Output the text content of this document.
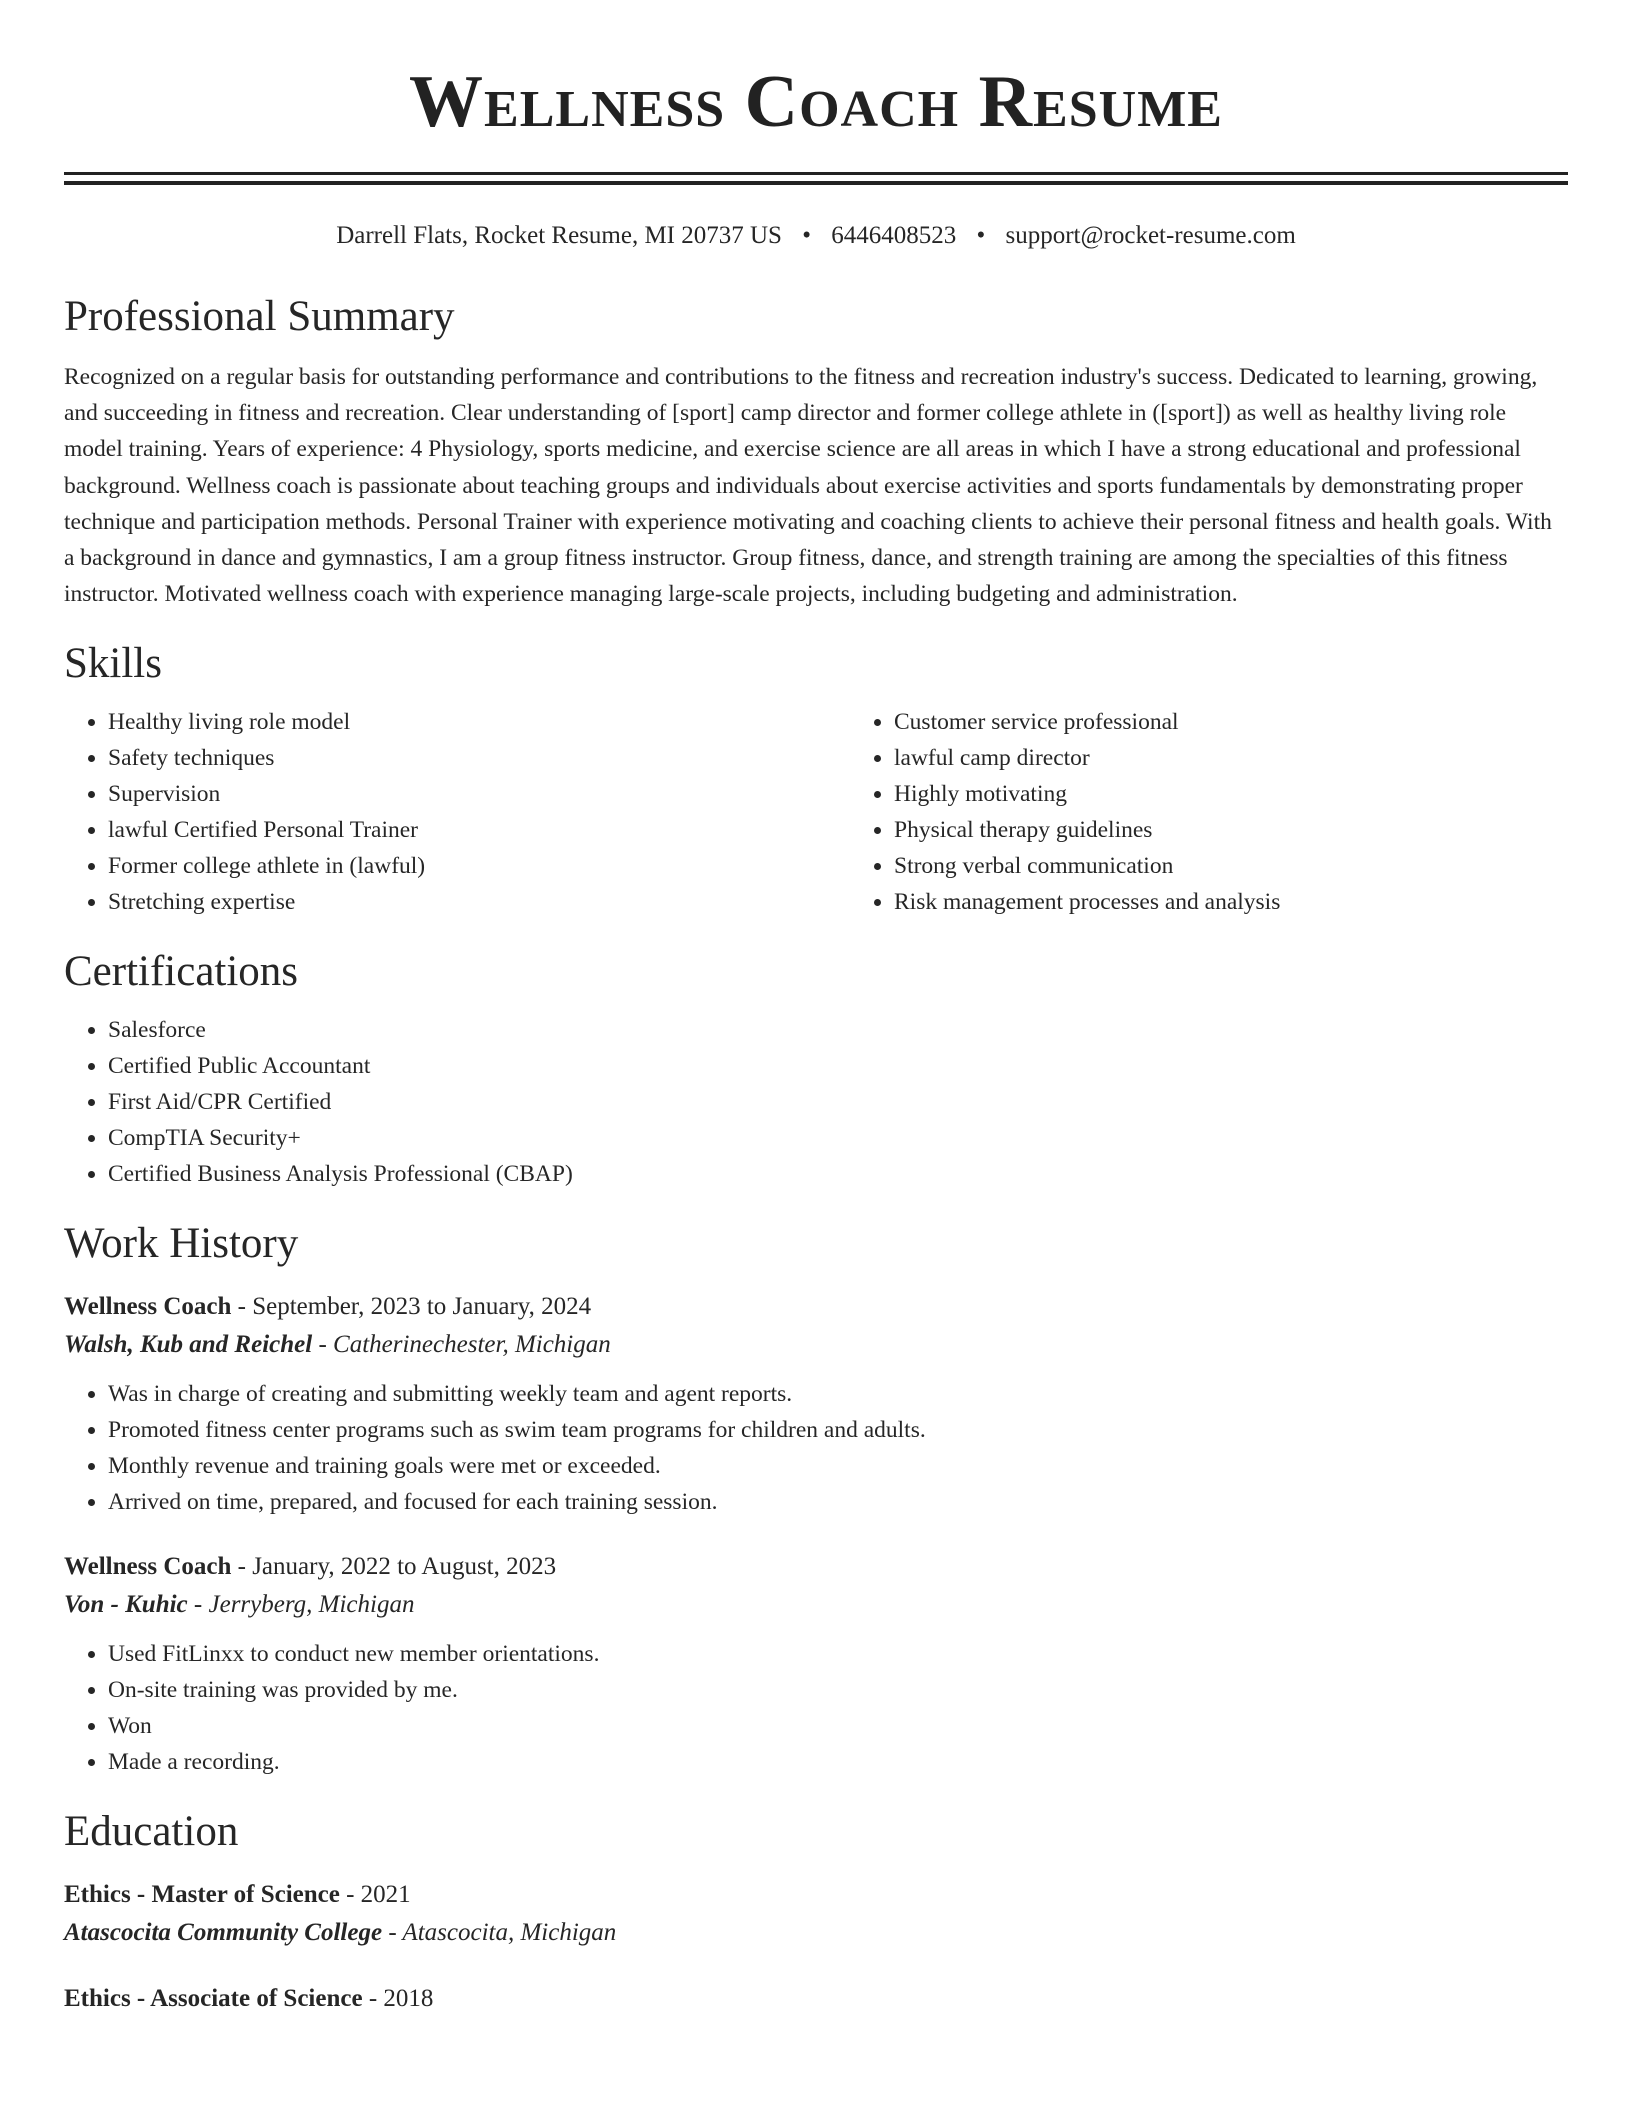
Wellness Coach Resume
Darrell Flats, Rocket Resume, MI 20737 US • 6446408523 • support@rocket-resume.com
Professional Summary

Recognized on a regular basis for outstanding performance and contributions to the fitness and recreation industry's success. Dedicated to learning, growing, and succeeding in fitness and recreation. Clear understanding of [sport] camp director and former college athlete in ([sport]) as well as healthy living role model training. Years of experience: 4 Physiology, sports medicine, and exercise science are all areas in which I have a strong educational and professional background. Wellness coach is passionate about teaching groups and individuals about exercise activities and sports fundamentals by demonstrating proper technique and participation methods. Personal Trainer with experience motivating and coaching clients to achieve their personal fitness and health goals. With a background in dance and gymnastics, I am a group fitness instructor. Group fitness, dance, and strength training are among the specialties of this fitness instructor. Motivated wellness coach with experience managing large-scale projects, including budgeting and administration.

Skills
• Healthy living role model
• Safety techniques
• Supervision
• lawful Certified Personal Trainer
• Former college athlete in (lawful)
• Stretching expertise
• Customer service professional
• lawful camp director
• Highly motivating
• Physical therapy guidelines
• Strong verbal communication
• Risk management processes and analysis
Certifications
• Salesforce
• Certified Public Accountant
• First Aid/CPR Certified
• CompTIA Security+
• Certified Business Analysis Professional (CBAP)
Work History
Wellness Coach - September, 2023 to January, 2024
Walsh, Kub and Reichel - Catherinechester, Michigan
• Was in charge of creating and submitting weekly team and agent reports.
• Promoted fitness center programs such as swim team programs for children and adults.
• Monthly revenue and training goals were met or exceeded.
• Arrived on time, prepared, and focused for each training session.
Wellness Coach - January, 2022 to August, 2023
Von - Kuhic - Jerryberg, Michigan
• Used FitLinxx to conduct new member orientations.
• On-site training was provided by me.
• Won
• Made a recording.
Education
Ethics - Master of Science - 2021
Atascocita Community College - Atascocita, Michigan
Ethics - Associate of Science - 2018
